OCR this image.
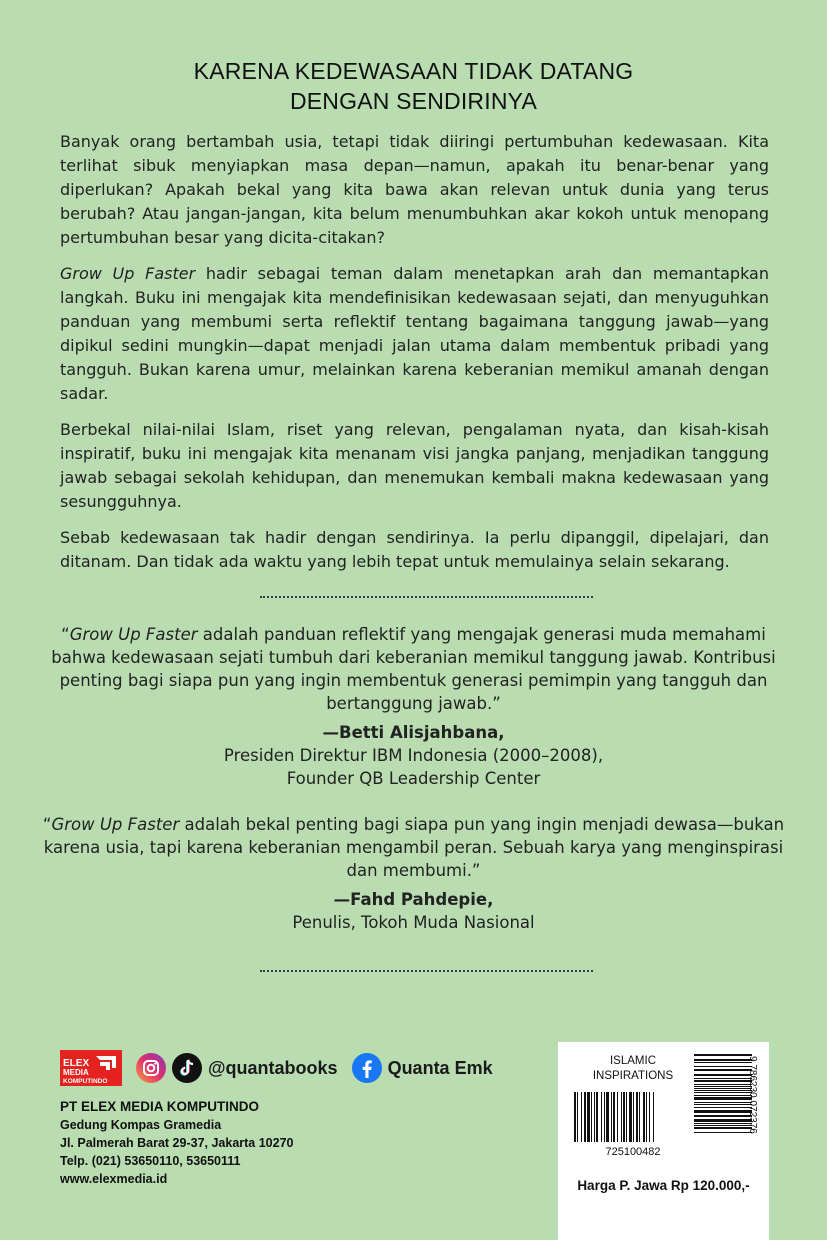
KARENA KEDEWASAAN TIDAK DATANG
DENGAN SENDIRINYA

Banyak orang bertambah usia, tetapi tidak diiringi pertumbuhan kedewasaan. Kita terlihat sibuk menyiapkan masa depan—namun, apakah itu benar-benar yang diperlukan? Apakah bekal yang kita bawa akan relevan untuk dunia yang terus berubah? Atau jangan-jangan, kita belum menumbuhkan akar kokoh untuk menopang pertumbuhan besar yang dicita-citakan?

Grow Up Faster hadir sebagai teman dalam menetapkan arah dan memantapkan langkah. Buku ini mengajak kita mendefinisikan kedewasaan sejati, dan menyuguhkan panduan yang membumi serta reflektif tentang bagaimana tanggung jawab—yang dipikul sedini mungkin—dapat menjadi jalan utama dalam membentuk pribadi yang tangguh. Bukan karena umur, melainkan karena keberanian memikul amanah dengan sadar.

Berbekal nilai-nilai Islam, riset yang relevan, pengalaman nyata, dan kisah-kisah inspiratif, buku ini mengajak kita menanam visi jangka panjang, menjadikan tanggung jawab sebagai sekolah kehidupan, dan menemukan kembali makna kedewasaan yang sesungguhnya.

Sebab kedewasaan tak hadir dengan sendirinya. Ia perlu dipanggil, dipelajari, dan ditanam. Dan tidak ada waktu yang lebih tepat untuk memulainya selain sekarang.

“Grow Up Faster adalah panduan reflektif yang mengajak generasi muda memahami bahwa kedewasaan sejati tumbuh dari keberanian memikul tanggung jawab. Kontribusi penting bagi siapa pun yang ingin membentuk generasi pemimpin yang tangguh dan bertanggung jawab.”

—Betti Alisjahbana,
Presiden Direktur IBM Indonesia (2000–2008),
Founder QB Leadership Center

“Grow Up Faster adalah bekal penting bagi siapa pun yang ingin menjadi dewasa—bukan karena usia, tapi karena keberanian mengambil peran. Sebuah karya yang menginspirasi dan membumi.”

—Fahd Pahdepie,
Penulis, Tokoh Muda Nasional
ELEX
MEDIA
KOMPUTINDO
@quantabooks	Quanta Emk
PT ELEX MEDIA KOMPUTINDO
Gedung Kompas Gramedia
Jl. Palmerah Barat 29-37, Jakarta 10270
Telp. (021) 53650110, 53650111
www.elexmedia.id
ISLAMIC
INSPIRATIONS
725100482
9 786230 072376
Harga P. Jawa Rp 120.000,-
